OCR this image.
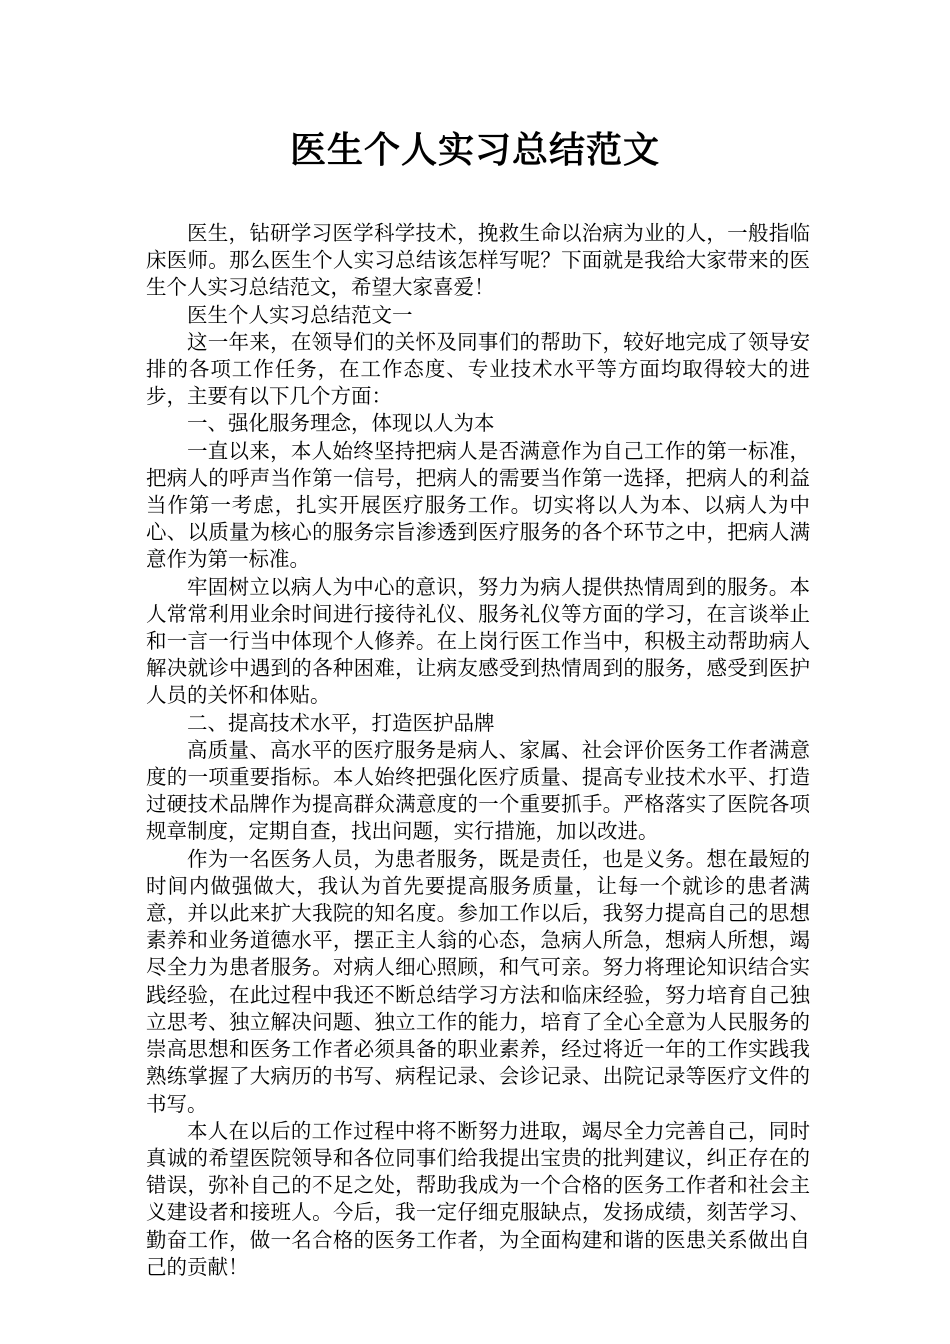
医生个人实习总结范文

医生，钻研学习医学科学技术，挽救生命以治病为业的人，一般指临床医师。那么医生个人实习总结该怎样写呢？下面就是我给大家带来的医生个人实习总结范文，希望大家喜爱！

医生个人实习总结范文一

这一年来，在领导们的关怀及同事们的帮助下，较好地完成了领导安排的各项工作任务，在工作态度、专业技术水平等方面均取得较大的进步，主要有以下几个方面：

一、强化服务理念，体现以人为本

一直以来，本人始终坚持把病人是否满意作为自己工作的第一标准，把病人的呼声当作第一信号，把病人的需要当作第一选择，把病人的利益当作第一考虑，扎实开展医疗服务工作。切实将以人为本、以病人为中心、以质量为核心的服务宗旨渗透到医疗服务的各个环节之中，把病人满意作为第一标准。

牢固树立以病人为中心的意识，努力为病人提供热情周到的服务。本人常常利用业余时间进行接待礼仪、服务礼仪等方面的学习，在言谈举止和一言一行当中体现个人修养。在上岗行医工作当中，积极主动帮助病人解决就诊中遇到的各种困难，让病友感受到热情周到的服务，感受到医护人员的关怀和体贴。

二、提高技术水平，打造医护品牌

高质量、高水平的医疗服务是病人、家属、社会评价医务工作者满意度的一项重要指标。本人始终把强化医疗质量、提高专业技术水平、打造过硬技术品牌作为提高群众满意度的一个重要抓手。严格落实了医院各项规章制度，定期自查，找出问题，实行措施，加以改进。

作为一名医务人员，为患者服务，既是责任，也是义务。想在最短的时间内做强做大，我认为首先要提高服务质量，让每一个就诊的患者满意，并以此来扩大我院的知名度。参加工作以后，我努力提高自己的思想素养和业务道德水平，摆正主人翁的心态，急病人所急，想病人所想，竭尽全力为患者服务。对病人细心照顾，和气可亲。努力将理论知识结合实践经验，在此过程中我还不断总结学习方法和临床经验，努力培育自己独立思考、独立解决问题、独立工作的能力，培育了全心全意为人民服务的崇高思想和医务工作者必须具备的职业素养，经过将近一年的工作实践我熟练掌握了大病历的书写、病程记录、会诊记录、出院记录等医疗文件的书写。

本人在以后的工作过程中将不断努力进取，竭尽全力完善自己，同时真诚的希望医院领导和各位同事们给我提出宝贵的批判建议，纠正存在的错误，弥补自己的不足之处，帮助我成为一个合格的医务工作者和社会主义建设者和接班人。今后，我一定仔细克服缺点，发扬成绩，刻苦学习、勤奋工作，做一名合格的医务工作者，为全面构建和谐的医患关系做出自己的贡献！
